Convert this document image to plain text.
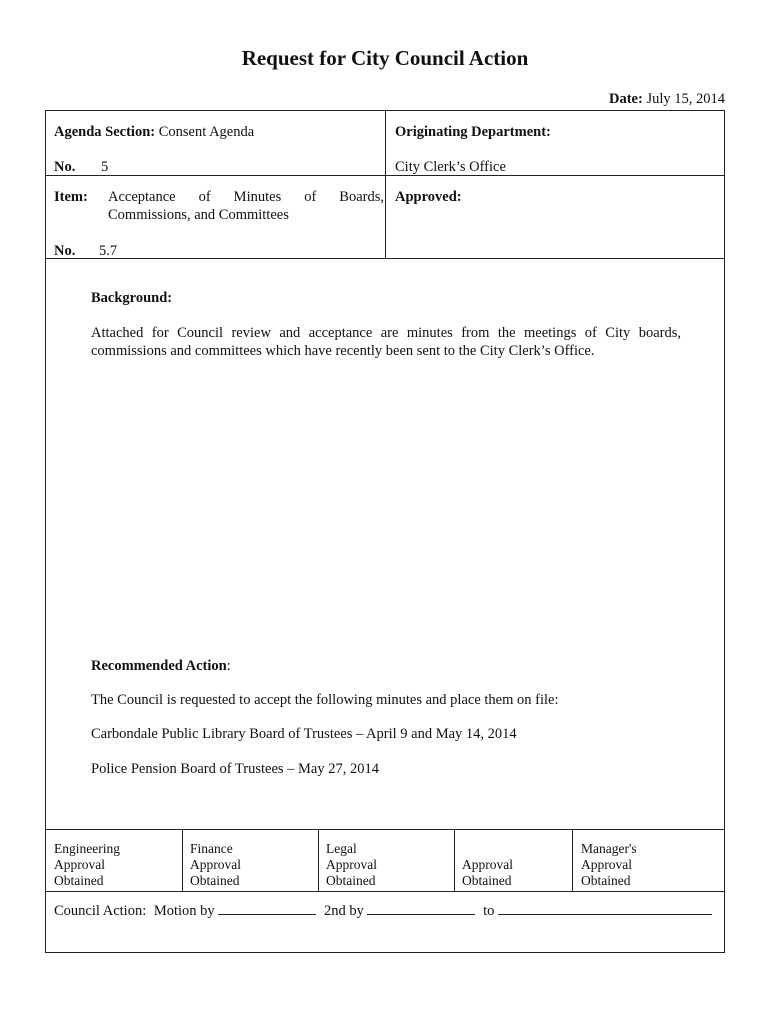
Request for City Council Action
Date: July 15, 2014
Agenda Section: Consent Agenda
No. 5
Originating Department:
City Clerk’s Office
Item: Acceptance of Minutes of Boards, Commissions, and Committees
No. 5.7
Approved:
Background:
Attached for Council review and acceptance are minutes from the meetings of City boards, commissions and committees which have recently been sent to the City Clerk’s Office.
Recommended Action:
The Council is requested to accept the following minutes and place them on file:
Carbondale Public Library Board of Trustees – April 9 and May 14, 2014
Police Pension Board of Trustees – May 27, 2014
Engineering
Approval
Obtained
Finance
Approval
Obtained
Legal
Approval
Obtained
Approval
Obtained
Manager's
Approval
Obtained
Council Action: Motion by	2nd by	to
